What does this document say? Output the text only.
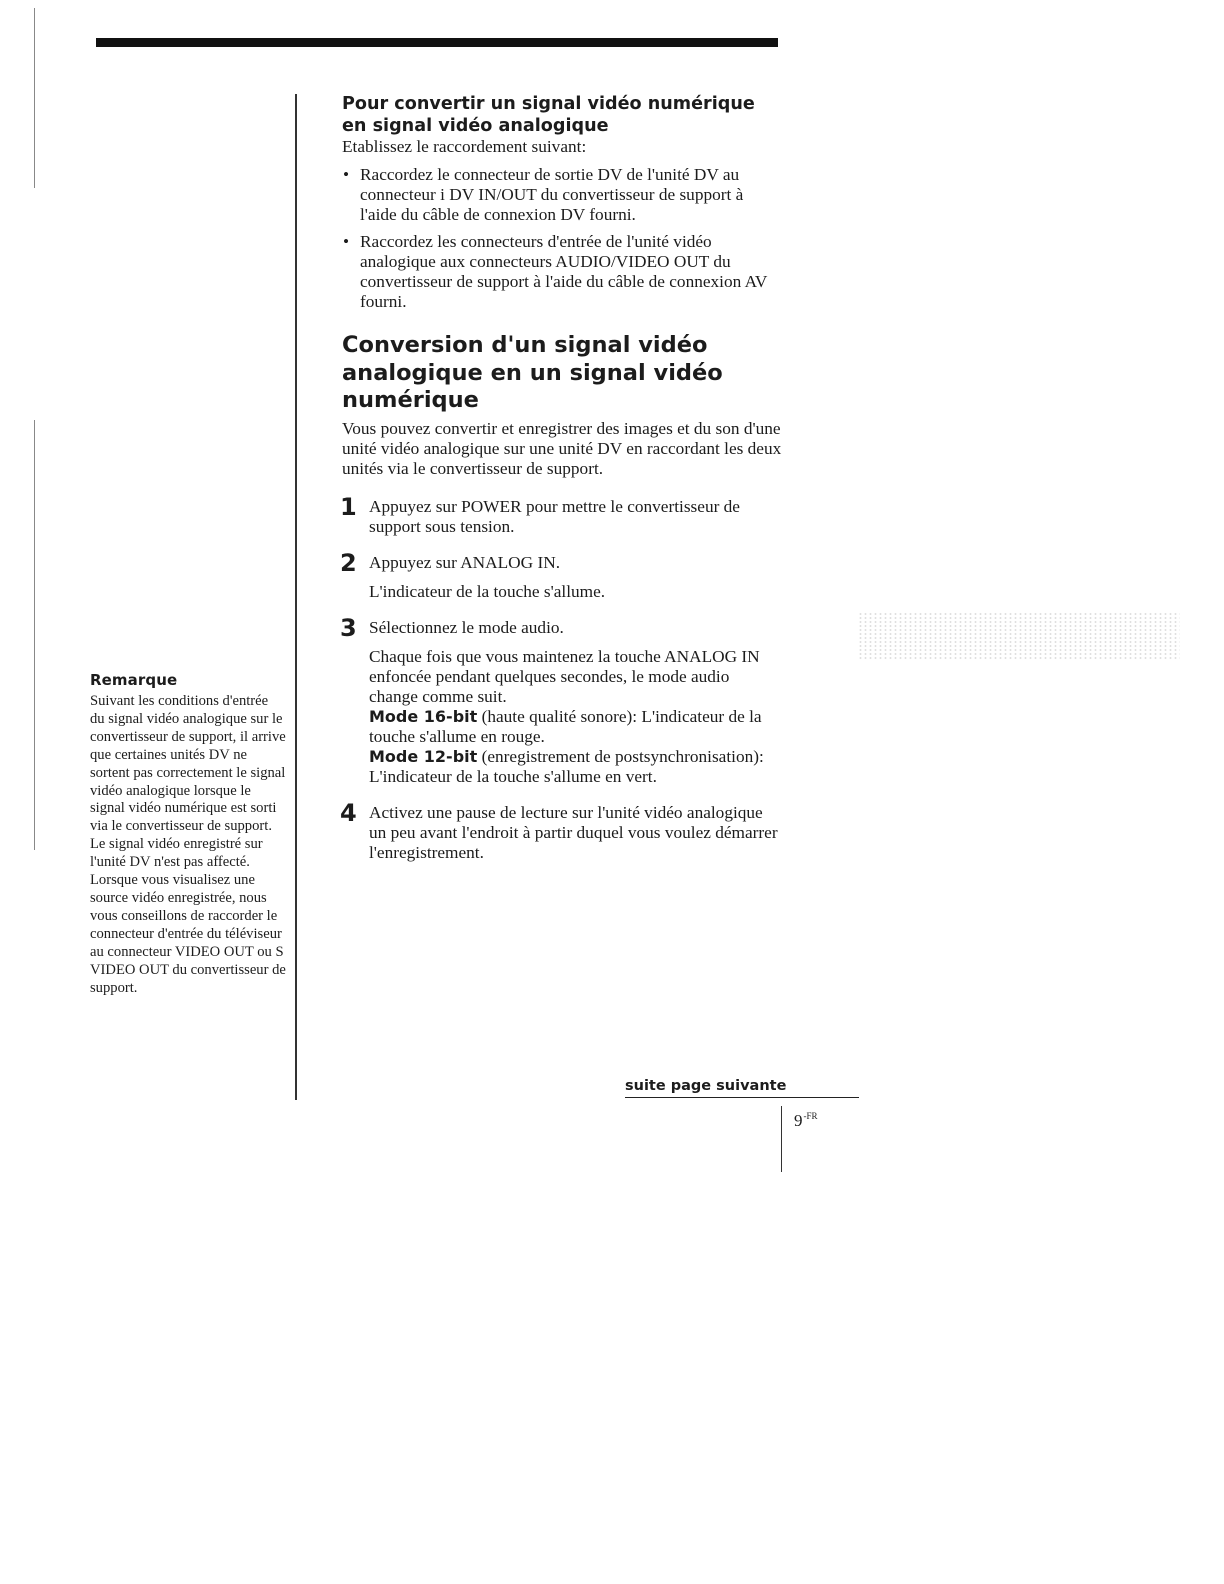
Remarque

Suivant les conditions d'entrée du signal vidéo analogique sur le convertisseur de support, il arrive que certaines unités DV ne sortent pas correctement le signal vidéo analogique lorsque le signal vidéo numérique est sorti via le convertisseur de support. Le signal vidéo enregistré sur l'unité DV n'est pas affecté. Lorsque vous visualisez une source vidéo enregistrée, nous vous conseillons de raccorder le connecteur d'entrée du téléviseur au connecteur VIDEO OUT ou S VIDEO OUT du convertisseur de support.

Pour convertir un signal vidéo numérique en signal vidéo analogique

Etablissez le raccordement suivant:

• Raccordez le connecteur de sortie DV de l'unité DV au connecteur i DV IN/OUT du convertisseur de support à l'aide du câble de connexion DV fourni.
• Raccordez les connecteurs d'entrée de l'unité vidéo analogique aux connecteurs AUDIO/VIDEO OUT du convertisseur de support à l'aide du câble de connexion AV fourni.
Conversion d'un signal vidéo analogique en un signal vidéo numérique

Vous pouvez convertir et enregistrer des images et du son d'une unité vidéo analogique sur une unité DV en raccordant les deux unités via le convertisseur de support.

1 Appuyez sur POWER pour mettre le convertisseur de support sous tension.

2 Appuyez sur ANALOG IN.

L'indicateur de la touche s'allume.

3 Sélectionnez le mode audio.

Chaque fois que vous maintenez la touche ANALOG IN enfoncée pendant quelques secondes, le mode audio change comme suit.
Mode 16-bit (haute qualité sonore): L'indicateur de la touche s'allume en rouge.
Mode 12-bit (enregistrement de postsynchronisation): L'indicateur de la touche s'allume en vert.

4 Activez une pause de lecture sur l'unité vidéo analogique un peu avant l'endroit à partir duquel vous voulez démarrer l'enregistrement.

suite page suivante
$9^{-FR}$
